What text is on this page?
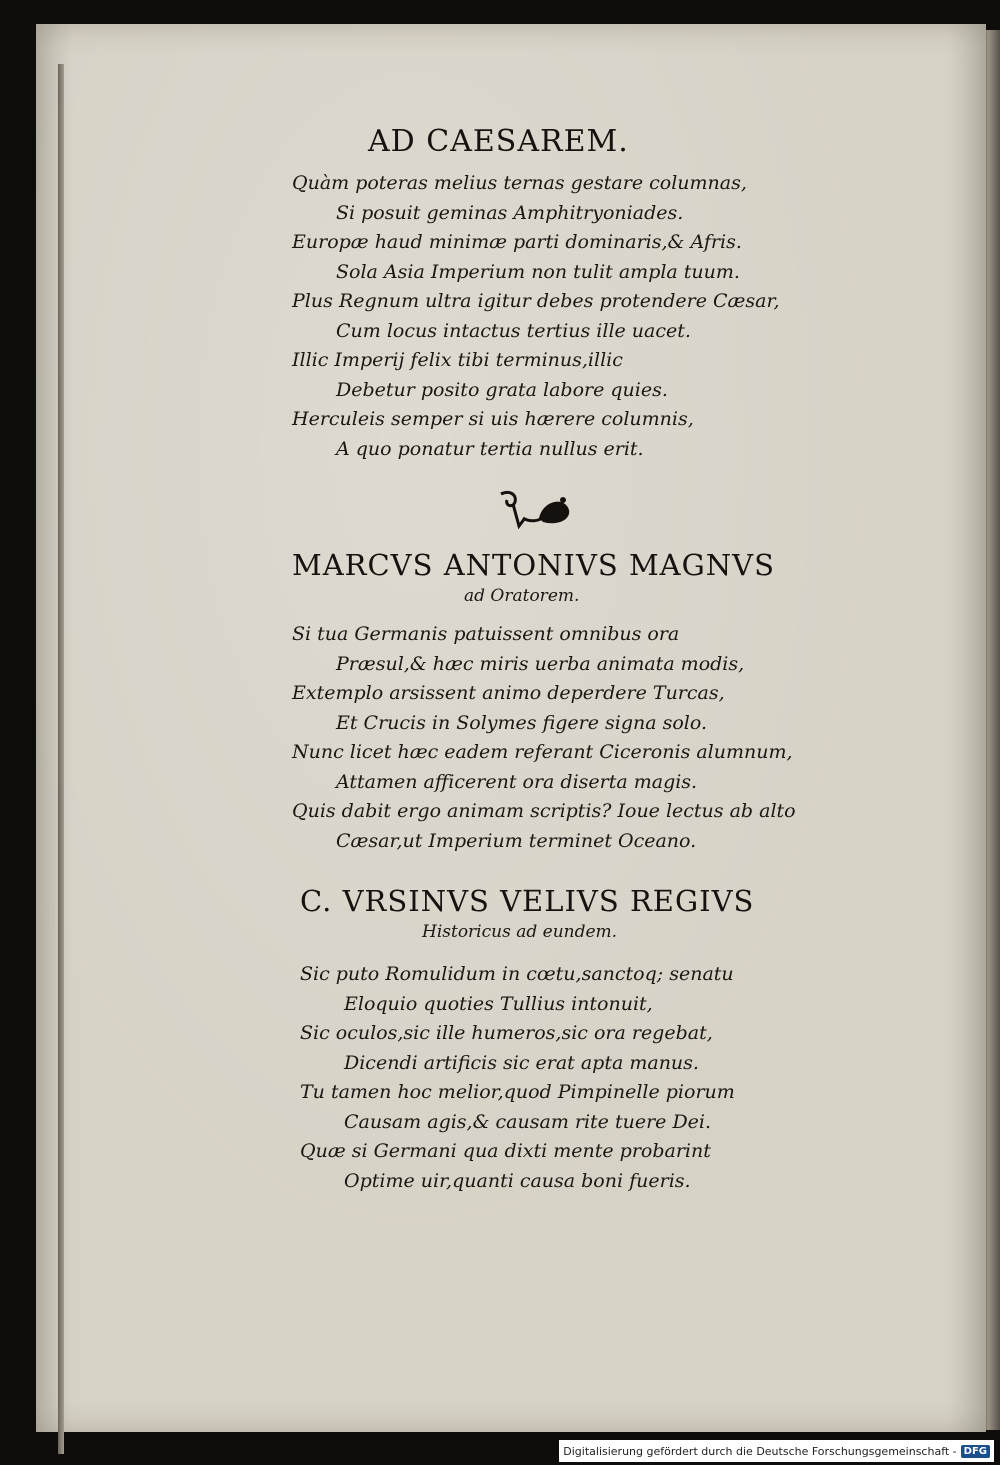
AD CAESAREM.
Quàm poteras melius ternas gestare columnas,
Si posuit geminas Amphitryoniades.
Europæ haud minimæ parti dominaris,& Afris.
Sola Asia Imperium non tulit ampla tuum.
Plus Regnum ultra igitur debes protendere Cæsar,
Cum locus intactus tertius ille uacet.
Illic Imperij felix tibi terminus,illic
Debetur posito grata labore quies.
Herculeis semper si uis hærere columnis,
A quo ponatur tertia nullus erit.
MARCVS ANTONIVS MAGNVS
ad Oratorem.
Si tua Germanis patuissent omnibus ora
Præsul,& hæc miris uerba animata modis,
Extemplo arsissent animo deperdere Turcas,
Et Crucis in Solymes figere signa solo.
Nunc licet hæc eadem referant Ciceronis alumnum,
Attamen afficerent ora diserta magis.
Quis dabit ergo animam scriptis? Ioue lectus ab alto
Cæsar,ut Imperium terminet Oceano.
C. VRSINVS VELIVS REGIVS
Historicus ad eundem.
Sic puto Romulidum in cœtu,sanctoq; senatu
Eloquio quoties Tullius intonuit,
Sic oculos,sic ille humeros,sic ora regebat,
Dicendi artificis sic erat apta manus.
Tu tamen hoc melior,quod Pimpinelle piorum
Causam agis,& causam rite tuere Dei.
Quæ si Germani qua dixti mente probarint
Optime uir,quanti causa boni fueris.
Digitalisierung gefördert durch die Deutsche Forschungsgemeinschaft - DFG
